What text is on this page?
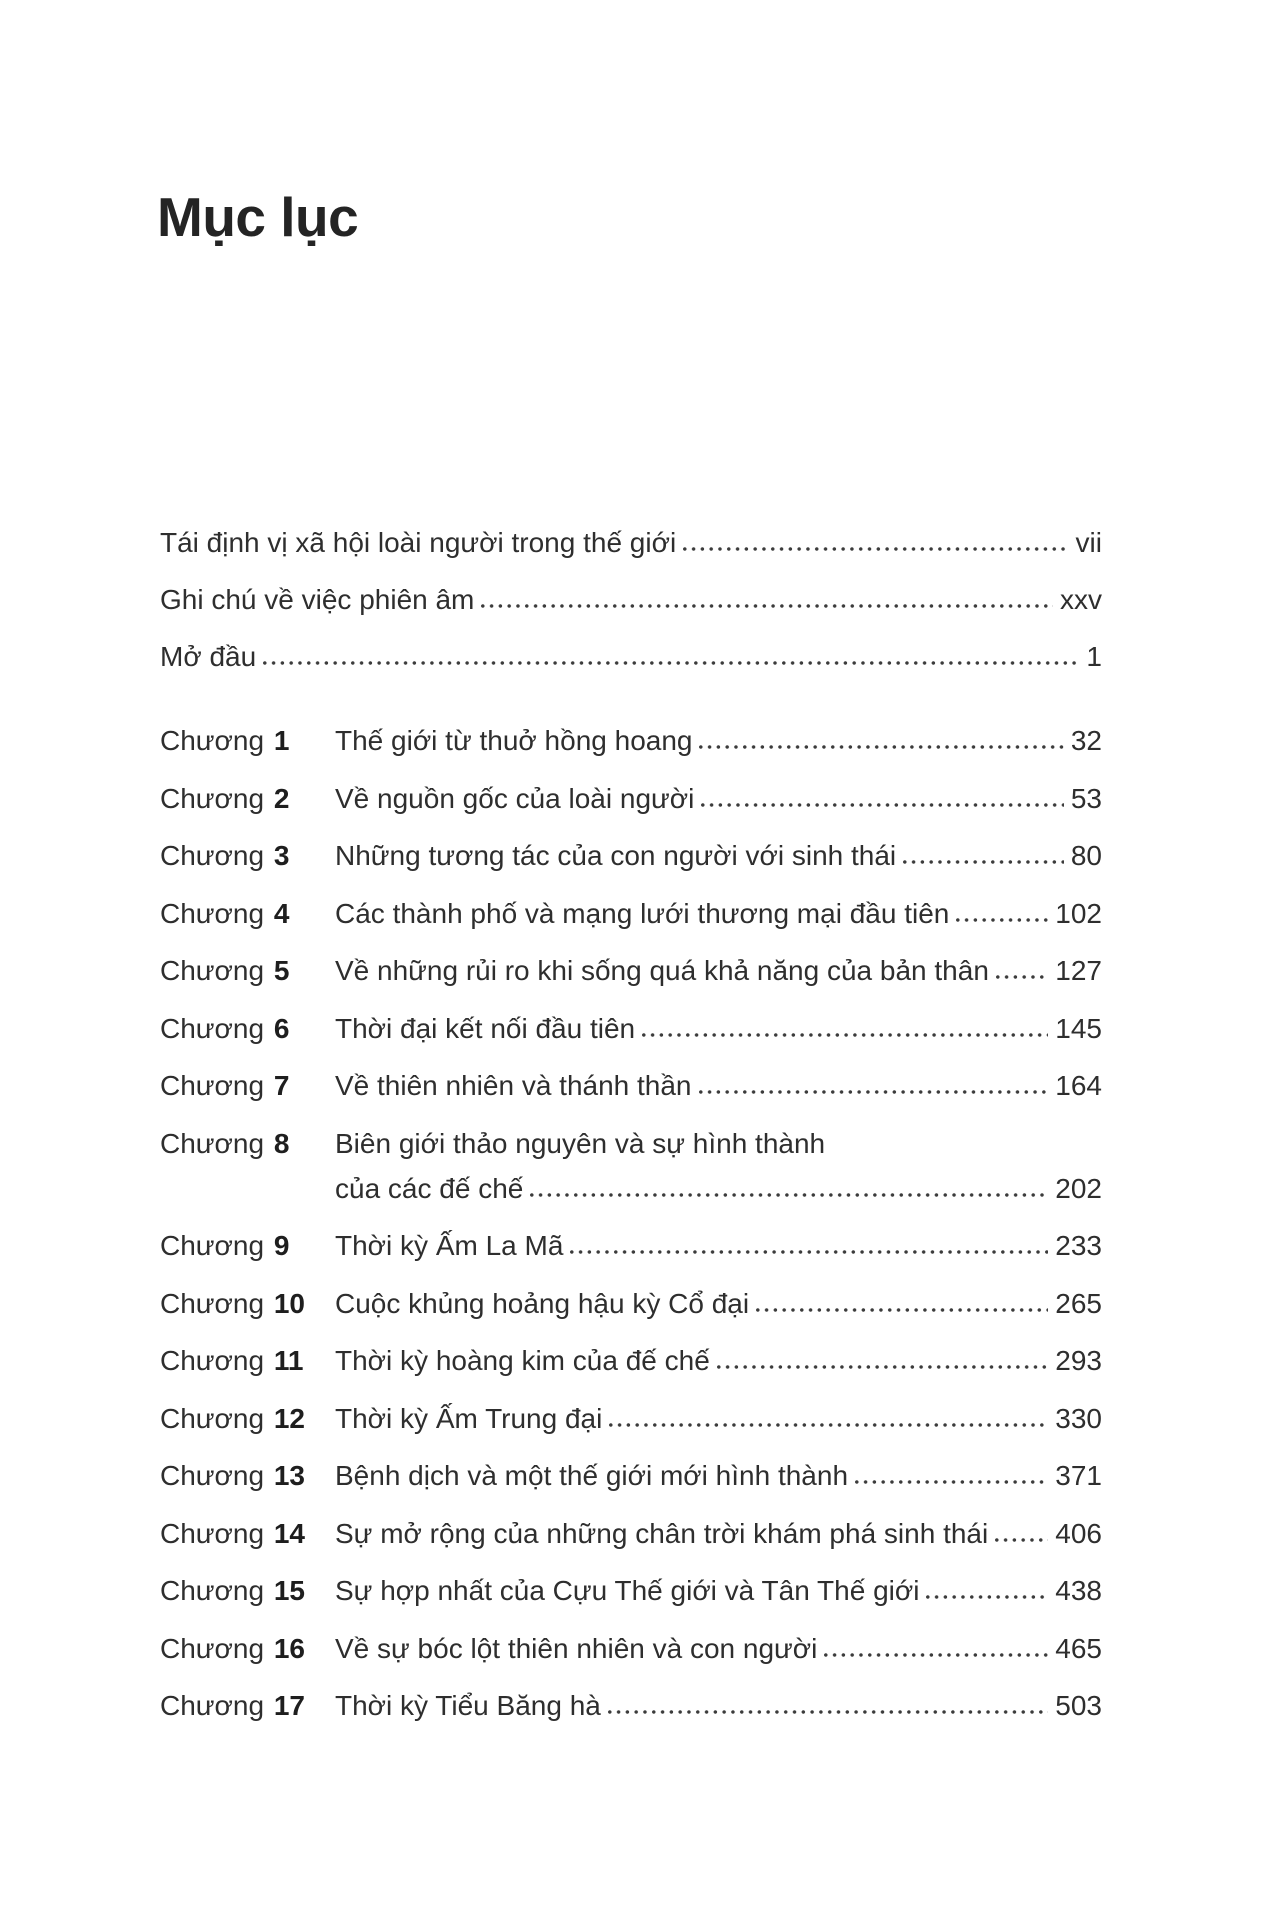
Mục lục
Tái định vị xã hội loài người trong thế giới	vii
Ghi chú về việc phiên âm	xxv
Mở đầu	1
Chương 1	Thế giới từ thuở hồng hoang	32
Chương 2	Về nguồn gốc của loài người	53
Chương 3	Những tương tác của con người với sinh thái	80
Chương 4	Các thành phố và mạng lưới thương mại đầu tiên	102
Chương 5	Về những rủi ro khi sống quá khả năng của bản thân 127
Chương 6	Thời đại kết nối đầu tiên	145
Chương 7	Về thiên nhiên và thánh thần	164
Chương 8	Biên giới thảo nguyên và sự hình thành
của các đế chế	202
Chương 9	Thời kỳ Ấm La Mã	233
Chương 10	Cuộc khủng hoảng hậu kỳ Cổ đại	265
Chương 11	Thời kỳ hoàng kim của đế chế	293
Chương 12	Thời kỳ Ấm Trung đại	330
Chương 13	Bệnh dịch và một thế giới mới hình thành	371
Chương 14	Sự mở rộng của những chân trời khám phá sinh thái 406
Chương 15	Sự hợp nhất của Cựu Thế giới và Tân Thế giới	438
Chương 16	Về sự bóc lột thiên nhiên và con người	465
Chương 17	Thời kỳ Tiểu Băng hà	503
